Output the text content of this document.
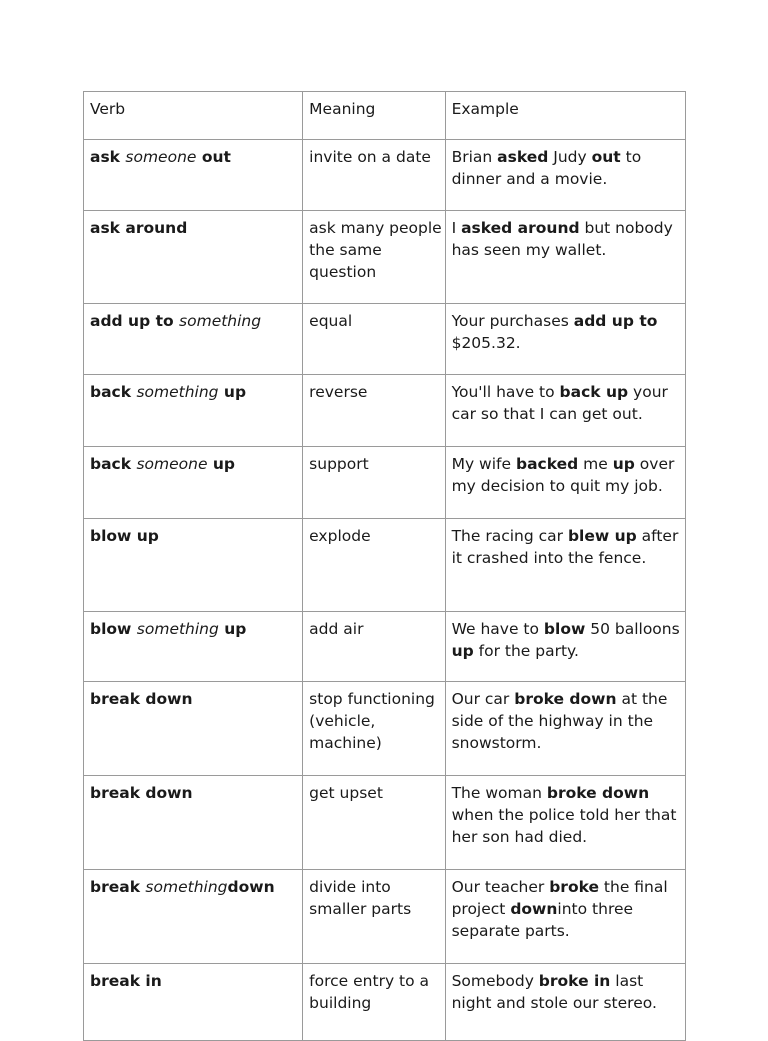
Verb	Meaning	Example
ask someone out	invite on a date	Brian asked Judy out to dinner and a movie.
ask around	ask many people the same question	I asked around but nobody has seen my wallet.
add up to something	equal	Your purchases add up to $205.32.
back something up	reverse	You'll have to back up your car so that I can get out.
back someone up	support	My wife backed me up over my decision to quit my job.
blow up	explode	The racing car blew up after it crashed into the fence.
blow something up	add air	We have to blow 50 balloons up for the party.
break down	stop functioning (vehicle, machine)	Our car broke down at the side of the highway in the snowstorm.
break down	get upset	The woman broke down when the police told her that her son had died.
break somethingdown	divide into smaller parts	Our teacher broke the final project downinto three separate parts.
break in	force entry to a building	Somebody broke in last night and stole our stereo.
